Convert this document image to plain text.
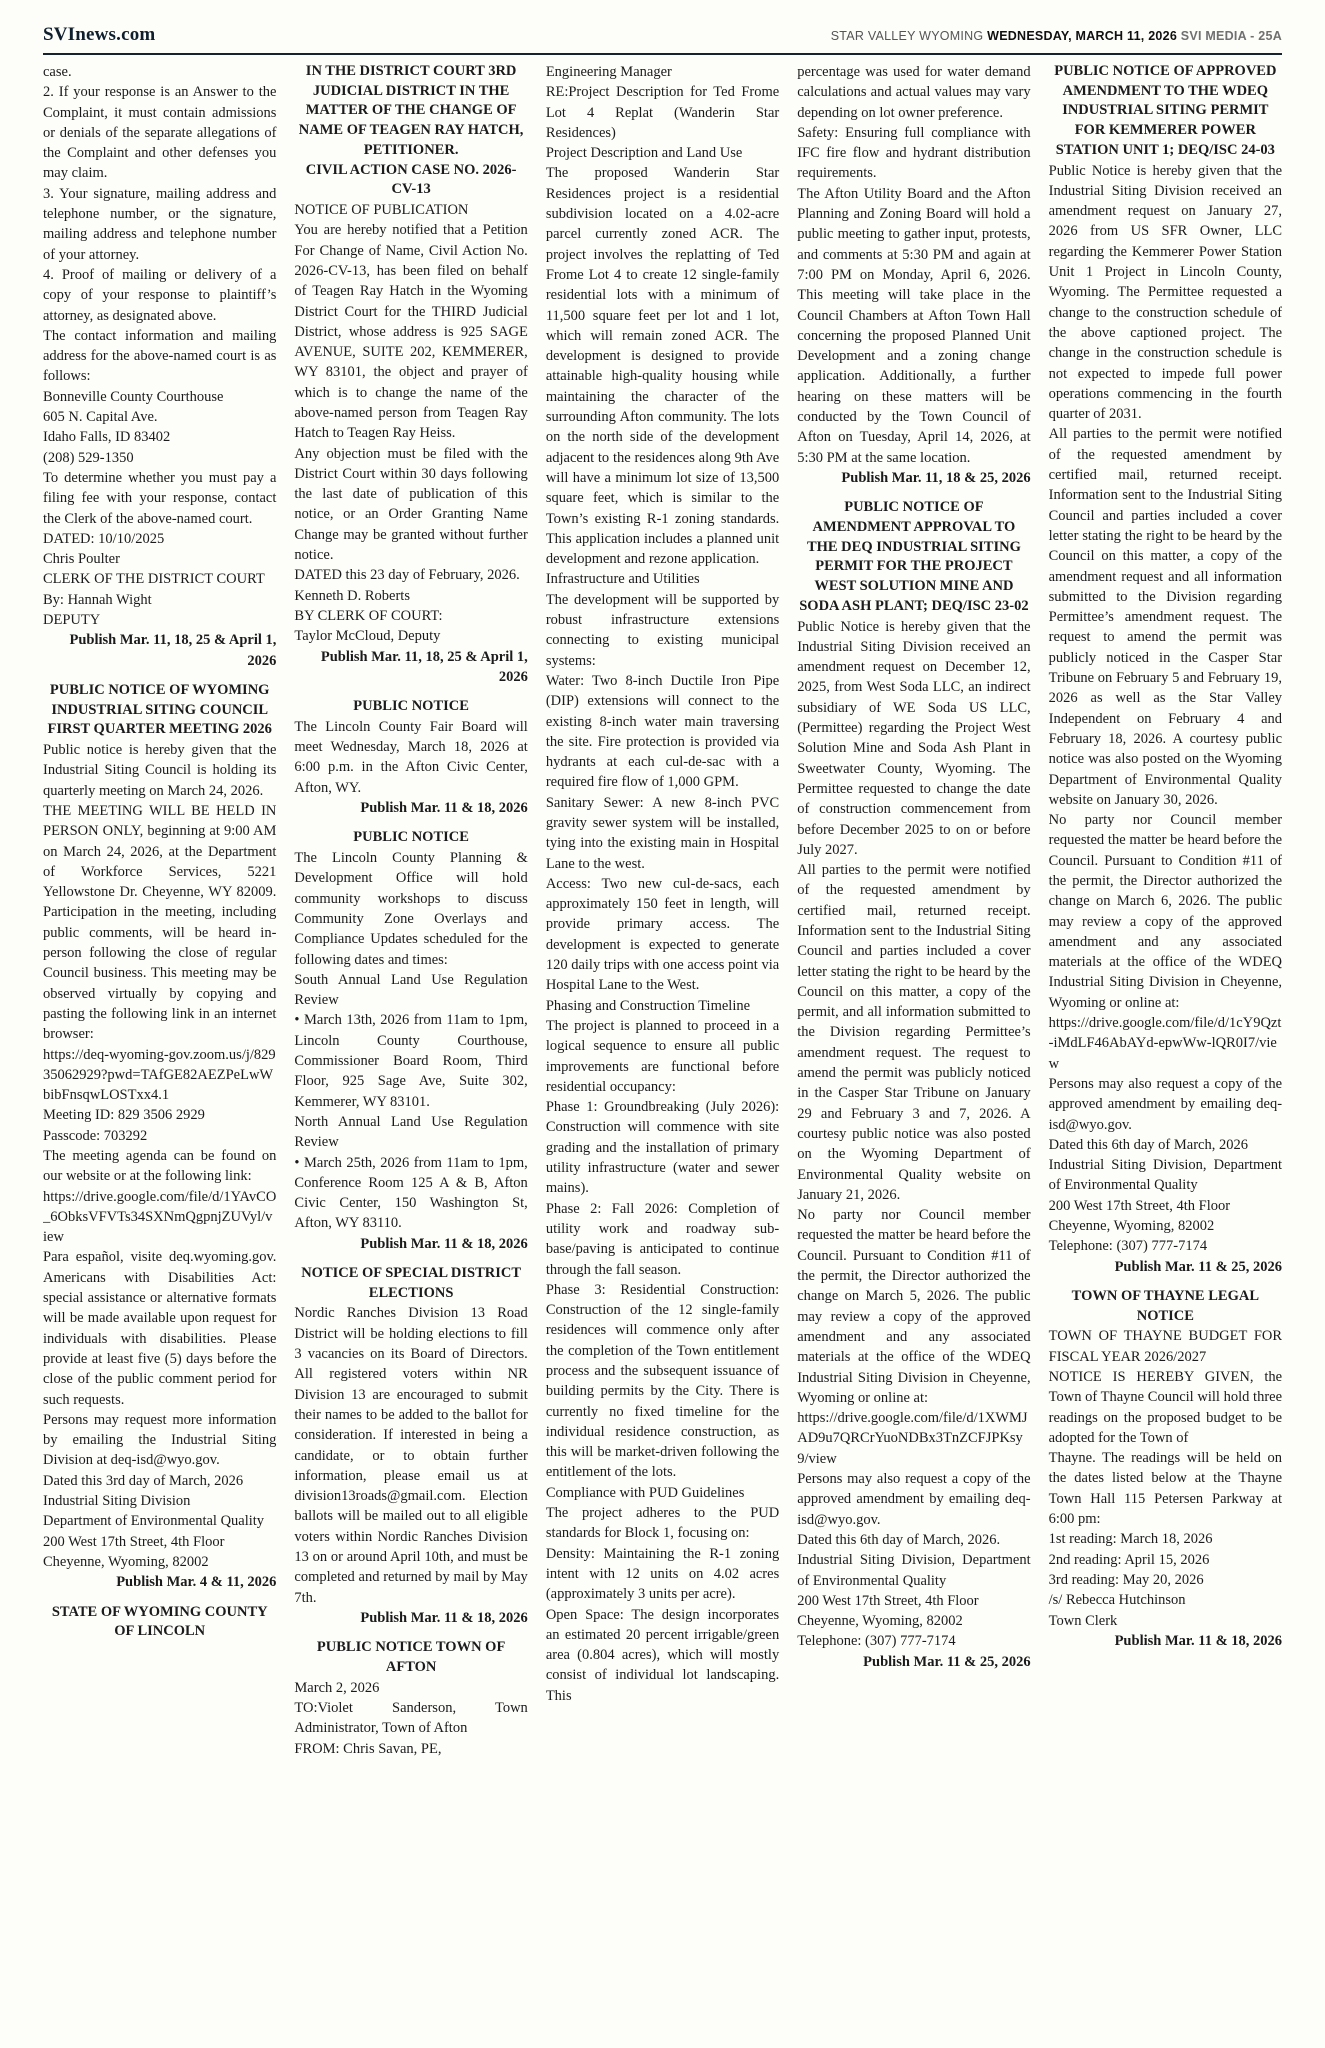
SVInews.com	STAR VALLEY WYOMING WEDNESDAY, MARCH 11, 2026 SVI MEDIA - 25A
case.
2. If your response is an Answer to the Complaint, it must contain admissions or denials of the separate allegations of the Complaint and other defenses you may claim.
3. Your signature, mailing address and telephone number, or the signature, mailing address and telephone number of your attorney.
4. Proof of mailing or delivery of a copy of your response to plaintiff’s attorney, as designated above.
The contact information and mailing address for the above-named court is as follows:
Bonneville County Courthouse
605 N. Capital Ave.
Idaho Falls, ID 83402
(208) 529-1350
To determine whether you must pay a filing fee with your response, contact the Clerk of the above-named court.
DATED: 10/10/2025
Chris Poulter
CLERK OF THE DISTRICT COURT
By: Hannah Wight
DEPUTY
Publish Mar. 11, 18, 25 & April 1, 2026
PUBLIC NOTICE OF WYOMING INDUSTRIAL SITING COUNCIL FIRST QUARTER MEETING 2026
Public notice is hereby given that the Industrial Siting Council is holding its quarterly meeting on March 24, 2026.
THE MEETING WILL BE HELD IN PERSON ONLY, beginning at 9:00 AM on March 24, 2026, at the Department of Workforce Services, 5221 Yellowstone Dr. Cheyenne, WY 82009. Participation in the meeting, including public comments, will be heard in-person following the close of regular Council business. This meeting may be observed virtually by copying and pasting the following link in an internet browser:
https://deq-wyoming-gov.zoom.us/j/82935062929?pwd=TAfGE82AEZPeLwWbibFnsqwLOSTxx4.1
Meeting ID: 829 3506 2929
Passcode: 703292
The meeting agenda can be found on our website or at the following link:
https://drive.google.com/file/d/1YAvCO_6ObksVFVTs34SXNmQgpnjZUVyl/view
Para español, visite deq.wyoming.gov. Americans with Disabilities Act: special assistance or alternative formats will be made available upon request for individuals with disabilities. Please provide at least five (5) days before the close of the public comment period for such requests.
Persons may request more information by emailing the Industrial Siting Division at deq-isd@wyo.gov.
Dated this 3rd day of March, 2026
Industrial Siting Division
Department of Environmental Quality
200 West 17th Street, 4th Floor
Cheyenne, Wyoming, 82002
Publish Mar. 4 & 11, 2026
STATE OF WYOMING COUNTY OF LINCOLN
IN THE DISTRICT COURT 3RD JUDICIAL DISTRICT IN THE MATTER OF THE CHANGE OF NAME OF TEAGEN RAY HATCH, PETITIONER.
CIVIL ACTION CASE NO. 2026-CV-13
NOTICE OF PUBLICATION
You are hereby notified that a Petition For Change of Name, Civil Action No. 2026-CV-13, has been filed on behalf of Teagen Ray Hatch in the Wyoming District Court for the THIRD Judicial District, whose address is 925 SAGE AVENUE, SUITE 202, KEMMERER, WY 83101, the object and prayer of which is to change the name of the above-named person from Teagen Ray Hatch to Teagen Ray Heiss.
Any objection must be filed with the District Court within 30 days following the last date of publication of this notice, or an Order Granting Name Change may be granted without further notice.
DATED this 23 day of February, 2026.
Kenneth D. Roberts
BY CLERK OF COURT:
Taylor McCloud, Deputy
Publish Mar. 11, 18, 25 & April 1, 2026
PUBLIC NOTICE
The Lincoln County Fair Board will meet Wednesday, March 18, 2026 at 6:00 p.m. in the Afton Civic Center, Afton, WY.
Publish Mar. 11 & 18, 2026
PUBLIC NOTICE
The Lincoln County Planning & Development Office will hold community workshops to discuss Community Zone Overlays and Compliance Updates scheduled for the following dates and times:
South Annual Land Use Regulation Review
• March 13th, 2026 from 11am to 1pm, Lincoln County Courthouse, Commissioner Board Room, Third Floor, 925 Sage Ave, Suite 302, Kemmerer, WY 83101.
North Annual Land Use Regulation Review
• March 25th, 2026 from 11am to 1pm, Conference Room 125 A & B, Afton Civic Center, 150 Washington St, Afton, WY 83110.
Publish Mar. 11 & 18, 2026
NOTICE OF SPECIAL DISTRICT ELECTIONS
Nordic Ranches Division 13 Road District will be holding elections to fill 3 vacancies on its Board of Directors. All registered voters within NR Division 13 are encouraged to submit their names to be added to the ballot for consideration. If interested in being a candidate, or to obtain further information, please email us at division13roads@gmail.com. Election ballots will be mailed out to all eligible voters within Nordic Ranches Division 13 on or around April 10th, and must be completed and returned by mail by May 7th.
Publish Mar. 11 & 18, 2026
PUBLIC NOTICE TOWN OF AFTON
March 2, 2026
TO:Violet Sanderson, Town Administrator, Town of Afton
FROM: Chris Savan, PE,
Engineering Manager
RE:Project Description for Ted Frome Lot 4 Replat (Wanderin Star Residences)
Project Description and Land Use
The proposed Wanderin Star Residences project is a residential subdivision located on a 4.02-acre parcel currently zoned ACR. The project involves the replatting of Ted Frome Lot 4 to create 12 single-family residential lots with a minimum of 11,500 square feet per lot and 1 lot, which will remain zoned ACR. The development is designed to provide attainable high-quality housing while maintaining the character of the surrounding Afton community. The lots on the north side of the development adjacent to the residences along 9th Ave will have a minimum lot size of 13,500 square feet, which is similar to the Town’s existing R-1 zoning standards. This application includes a planned unit development and rezone application.
Infrastructure and Utilities
The development will be supported by robust infrastructure extensions connecting to existing municipal systems:
Water: Two 8-inch Ductile Iron Pipe (DIP) extensions will connect to the existing 8-inch water main traversing the site. Fire protection is provided via hydrants at each cul-de-sac with a required fire flow of 1,000 GPM.
Sanitary Sewer: A new 8-inch PVC gravity sewer system will be installed, tying into the existing main in Hospital Lane to the west.
Access: Two new cul-de-sacs, each approximately 150 feet in length, will provide primary access. The development is expected to generate 120 daily trips with one access point via Hospital Lane to the West.
Phasing and Construction Timeline
The project is planned to proceed in a logical sequence to ensure all public improvements are functional before residential occupancy:
Phase 1: Groundbreaking (July 2026): Construction will commence with site grading and the installation of primary utility infrastructure (water and sewer mains).
Phase 2: Fall 2026: Completion of utility work and roadway sub-base/paving is anticipated to continue through the fall season.
Phase 3: Residential Construction: Construction of the 12 single-family residences will commence only after the completion of the Town entitlement process and the subsequent issuance of building permits by the City. There is currently no fixed timeline for the individual residence construction, as this will be market-driven following the entitlement of the lots.
Compliance with PUD Guidelines
The project adheres to the PUD standards for Block 1, focusing on:
Density: Maintaining the R-1 zoning intent with 12 units on 4.02 acres (approximately 3 units per acre).
Open Space: The design incorporates an estimated 20 percent irrigable/green area (0.804 acres), which will mostly consist of individual lot landscaping. This
percentage was used for water demand calculations and actual values may vary depending on lot owner preference.
Safety: Ensuring full compliance with IFC fire flow and hydrant distribution requirements.
The Afton Utility Board and the Afton Planning and Zoning Board will hold a public meeting to gather input, protests, and comments at 5:30 PM and again at 7:00 PM on Monday, April 6, 2026. This meeting will take place in the Council Chambers at Afton Town Hall concerning the proposed Planned Unit Development and a zoning change application. Additionally, a further hearing on these matters will be conducted by the Town Council of Afton on Tuesday, April 14, 2026, at 5:30 PM at the same location.
Publish Mar. 11, 18 & 25, 2026
PUBLIC NOTICE OF AMENDMENT APPROVAL TO THE DEQ INDUSTRIAL SITING PERMIT FOR THE PROJECT WEST SOLUTION MINE AND SODA ASH PLANT; DEQ/ISC 23-02
Public Notice is hereby given that the Industrial Siting Division received an amendment request on December 12, 2025, from West Soda LLC, an indirect subsidiary of WE Soda US LLC, (Permittee) regarding the Project West Solution Mine and Soda Ash Plant in Sweetwater County, Wyoming. The Permittee requested to change the date of construction commencement from before December 2025 to on or before July 2027.
All parties to the permit were notified of the requested amendment by certified mail, returned receipt. Information sent to the Industrial Siting Council and parties included a cover letter stating the right to be heard by the Council on this matter, a copy of the permit, and all information submitted to the Division regarding Permittee’s amendment request. The request to amend the permit was publicly noticed in the Casper Star Tribune on January 29 and February 3 and 7, 2026. A courtesy public notice was also posted on the Wyoming Department of Environmental Quality website on January 21, 2026.
No party nor Council member requested the matter be heard before the Council. Pursuant to Condition #11 of the permit, the Director authorized the change on March 5, 2026. The public may review a copy of the approved amendment and any associated materials at the office of the WDEQ Industrial Siting Division in Cheyenne, Wyoming or online at:
https://drive.google.com/file/d/1XWMJAD9u7QRCrYuoNDBx3TnZCFJPKsy9/view
Persons may also request a copy of the approved amendment by emailing deq-isd@wyo.gov.
Dated this 6th day of March, 2026.
Industrial Siting Division, Department of Environmental Quality
200 West 17th Street, 4th Floor
Cheyenne, Wyoming, 82002
Telephone: (307) 777-7174
Publish Mar. 11 & 25, 2026
PUBLIC NOTICE OF APPROVED AMENDMENT TO THE WDEQ INDUSTRIAL SITING PERMIT FOR KEMMERER POWER STATION UNIT 1; DEQ/ISC 24-03
Public Notice is hereby given that the Industrial Siting Division received an amendment request on January 27, 2026 from US SFR Owner, LLC regarding the Kemmerer Power Station Unit 1 Project in Lincoln County, Wyoming. The Permittee requested a change to the construction schedule of the above captioned project. The change in the construction schedule is not expected to impede full power operations commencing in the fourth quarter of 2031.
All parties to the permit were notified of the requested amendment by certified mail, returned receipt. Information sent to the Industrial Siting Council and parties included a cover letter stating the right to be heard by the Council on this matter, a copy of the amendment request and all information submitted to the Division regarding Permittee’s amendment request. The request to amend the permit was publicly noticed in the Casper Star Tribune on February 5 and February 19, 2026 as well as the Star Valley Independent on February 4 and February 18, 2026. A courtesy public notice was also posted on the Wyoming Department of Environmental Quality website on January 30, 2026.
No party nor Council member requested the matter be heard before the Council. Pursuant to Condition #11 of the permit, the Director authorized the change on March 6, 2026. The public may review a copy of the approved amendment and any associated materials at the office of the WDEQ Industrial Siting Division in Cheyenne, Wyoming or online at:
https://drive.google.com/file/d/1cY9Qzt-iMdLF46AbAYd-epwWw-lQR0I7/view
Persons may also request a copy of the approved amendment by emailing deq-isd@wyo.gov.
Dated this 6th day of March, 2026
Industrial Siting Division, Department of Environmental Quality
200 West 17th Street, 4th Floor
Cheyenne, Wyoming, 82002
Telephone: (307) 777-7174
Publish Mar. 11 & 25, 2026
TOWN OF THAYNE LEGAL NOTICE
TOWN OF THAYNE BUDGET FOR FISCAL YEAR 2026/2027
NOTICE IS HEREBY GIVEN, the Town of Thayne Council will hold three readings on the proposed budget to be adopted for the Town of
Thayne. The readings will be held on the dates listed below at the Thayne Town Hall 115 Petersen Parkway at 6:00 pm:
1st reading: March 18, 2026
2nd reading: April 15, 2026
3rd reading: May 20, 2026
/s/ Rebecca Hutchinson
Town Clerk
Publish Mar. 11 & 18, 2026
